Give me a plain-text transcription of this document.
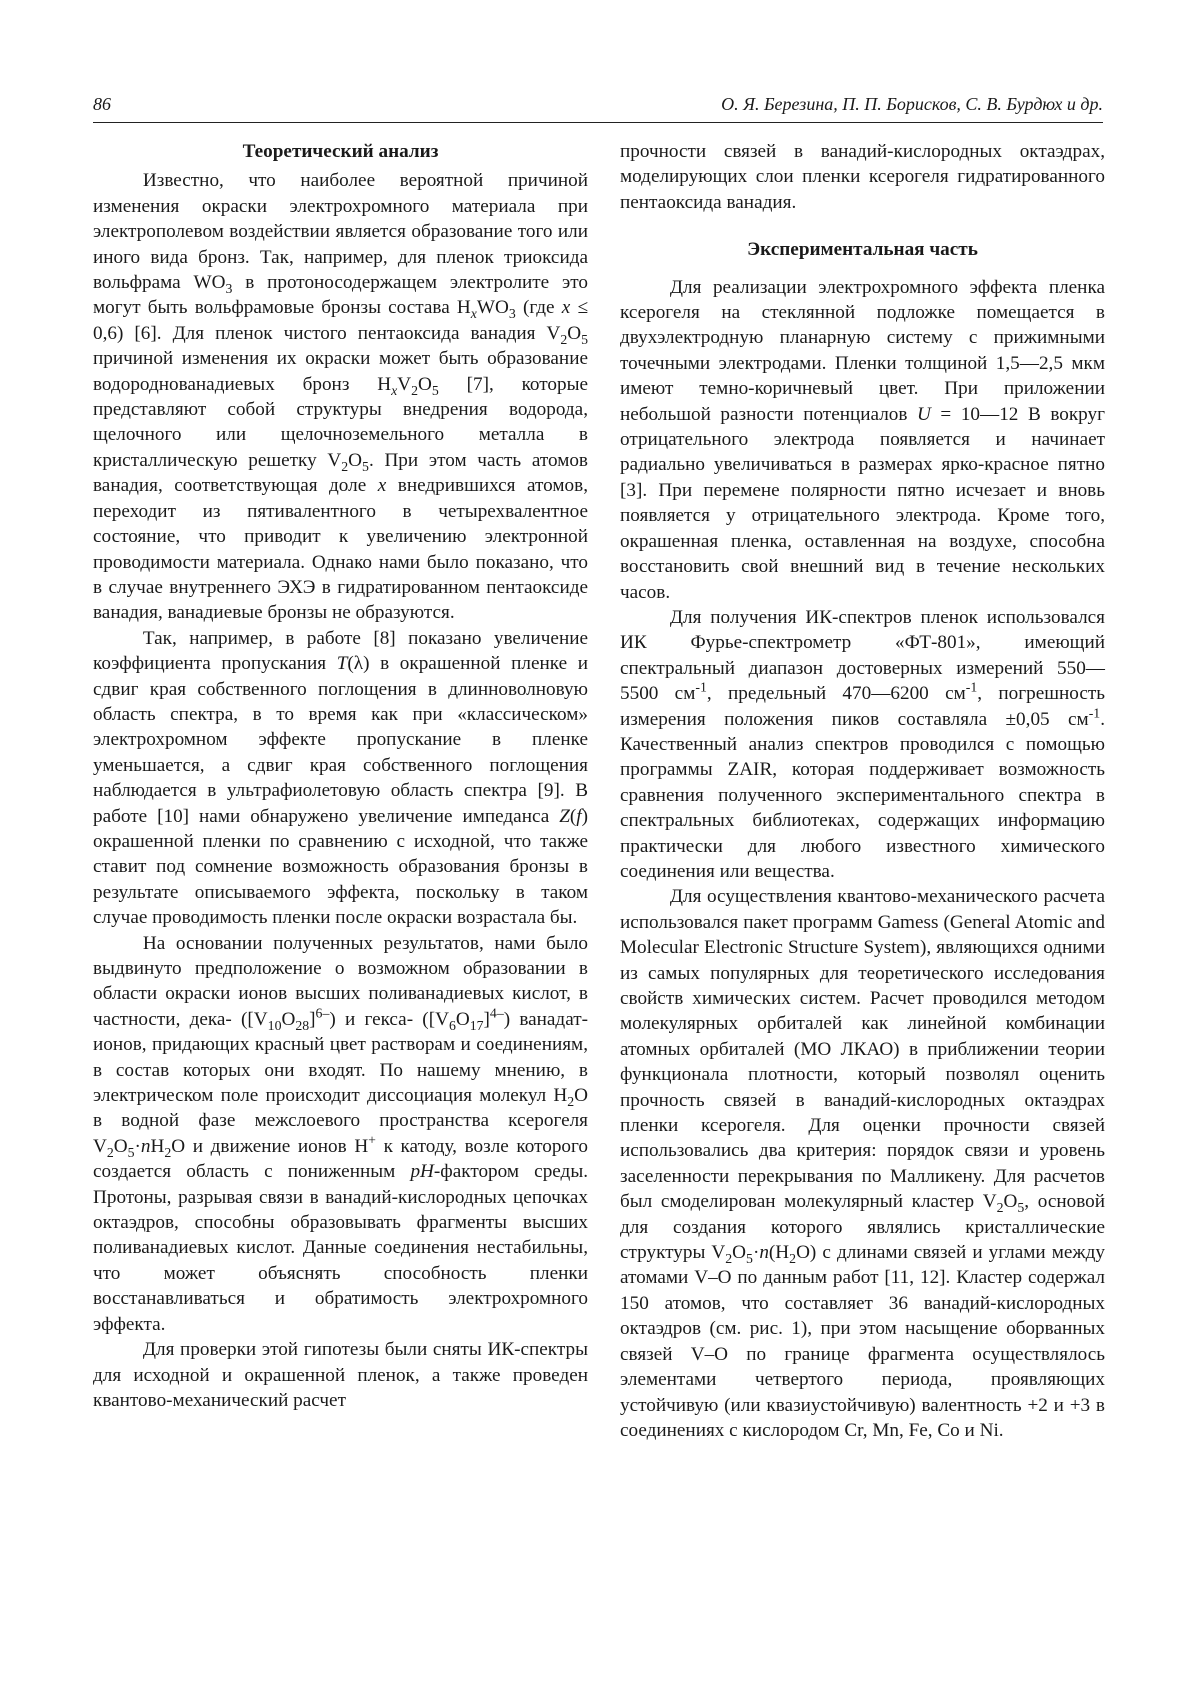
86	О. Я. Березина, П. П. Борисков, С. В. Бурдюх и др.
Теоретический анализ

Известно, что наиболее вероятной причиной изменения окраски электрохромного материала при электрополевом воздействии является образование того или иного вида бронз. Так, например, для пленок триоксида вольфрама $WO_3$ в протоносодержащем электролите это могут быть вольфрамовые бронзы состава $H_xWO_3$ (где x ≤ 0,6) [6]. Для пленок чистого пентаоксида ванадия $V_2O_5$ причиной изменения их окраски может быть образование водороднованадиевых бронз $H_xV_2O_5$ [7], которые представляют собой структуры внедрения водорода, щелочного или щелочноземельного металла в кристаллическую решетку $V_2O_5$. При этом часть атомов ванадия, соответствующая доле x внедрившихся атомов, переходит из пятивалентного в четырехвалентное состояние, что приводит к увеличению электронной проводимости материала. Однако нами было показано, что в случае внутреннего ЭХЭ в гидратированном пентаоксиде ванадия, ванадиевые бронзы не образуются.

Так, например, в работе [8] показано увеличение коэффициента пропускания T(λ) в окрашенной пленке и сдвиг края собственного поглощения в длинноволновую область спектра, в то время как при «классическом» электрохромном эффекте пропускание в пленке уменьшается, а сдвиг края собственного поглощения наблюдается в ультрафиолетовую область спектра [9]. В работе [10] нами обнаружено увеличение импеданса Z(f) окрашенной пленки по сравнению с исходной, что также ставит под сомнение возможность образования бронзы в результате описываемого эффекта, поскольку в таком случае проводимость пленки после окраски возрастала бы.

На основании полученных результатов, нами было выдвинуто предположение о возможном образовании в области окраски ионов высших поливанадиевых кислот, в частности, дека- $([V_{10}O_{28}]^{6-})$ и гекса- $([V_6O_{17}]^{4-})$ ванадат-ионов, придающих красный цвет растворам и соединениям, в состав которых они входят. По нашему мнению, в электрическом поле происходит диссоциация молекул $H_2O$ в водной фазе межслоевого пространства ксерогеля $V_2O_5\cdot nH_2O$ и движение ионов H+ к катоду, возле которого создается область с пониженным pH-фактором среды. Протоны, разрывая связи в ванадий-кислородных цепочках октаэдров, способны образовывать фрагменты высших поливанадиевых кислот. Данные соединения нестабильны, что может объяснять способность пленки восстанавливаться и обратимость электрохромного эффекта.

Для проверки этой гипотезы были сняты ИК-спектры для исходной и окрашенной пленок, а также проведен квантово-механический расчет

прочности связей в ванадий-кислородных октаэдрах, моделирующих слои пленки ксерогеля гидратированного пентаоксида ванадия.

Экспериментальная часть

Для реализации электрохромного эффекта пленка ксерогеля на стеклянной подложке помещается в двухэлектродную планарную систему с прижимными точечными электродами. Пленки толщиной 1,5—2,5 мкм имеют темно-коричневый цвет. При приложении небольшой разности потенциалов U = 10—12 В вокруг отрицательного электрода появляется и начинает радиально увеличиваться в размерах ярко-красное пятно [3]. При перемене полярности пятно исчезает и вновь появляется у отрицательного электрода. Кроме того, окрашенная пленка, оставленная на воздухе, способна восстановить свой внешний вид в течение нескольких часов.

Для получения ИК-спектров пленок использовался ИК Фурье-спектрометр «ФТ-801», имеющий спектральный диапазон достоверных измерений 550—5500 $см^{-1}$, предельный 470—6200 $см^{-1}$, погрешность измерения положения пиков составляла ±0,05 $см^{-1}$. Качественный анализ спектров проводился с помощью программы ZAIR, которая поддерживает возможность сравнения полученного экспериментального спектра в спектральных библиотеках, содержащих информацию практически для любого известного химического соединения или вещества.

Для осуществления квантово-механического расчета использовался пакет программ Gamess (General Atomic and Molecular Electronic Structure System), являющихся одними из самых популярных для теоретического исследования свойств химических систем. Расчет проводился методом молекулярных орбиталей как линейной комбинации атомных орбиталей (МО ЛКАО) в приближении теории функционала плотности, который позволял оценить прочность связей в ванадий-кислородных октаэдрах пленки ксерогеля. Для оценки прочности связей использовались два критерия: порядок связи и уровень заселенности перекрывания по Малликену. Для расчетов был смоделирован молекулярный кластер $V_2O_5$, основой для создания которого являлись кристаллические структуры $V_2O_5\cdot n(H_2O)$ с длинами связей и углами между атомами V–O по данным работ [11, 12]. Кластер содержал 150 атомов, что составляет 36 ванадий-кислородных октаэдров (см. рис. 1), при этом насыщение оборванных связей V–O по границе фрагмента осуществлялось элементами четвертого периода, проявляющих устойчивую (или квазиустойчивую) валентность +2 и +3 в соединениях с кислородом Cr, Mn, Fe, Co и Ni.
